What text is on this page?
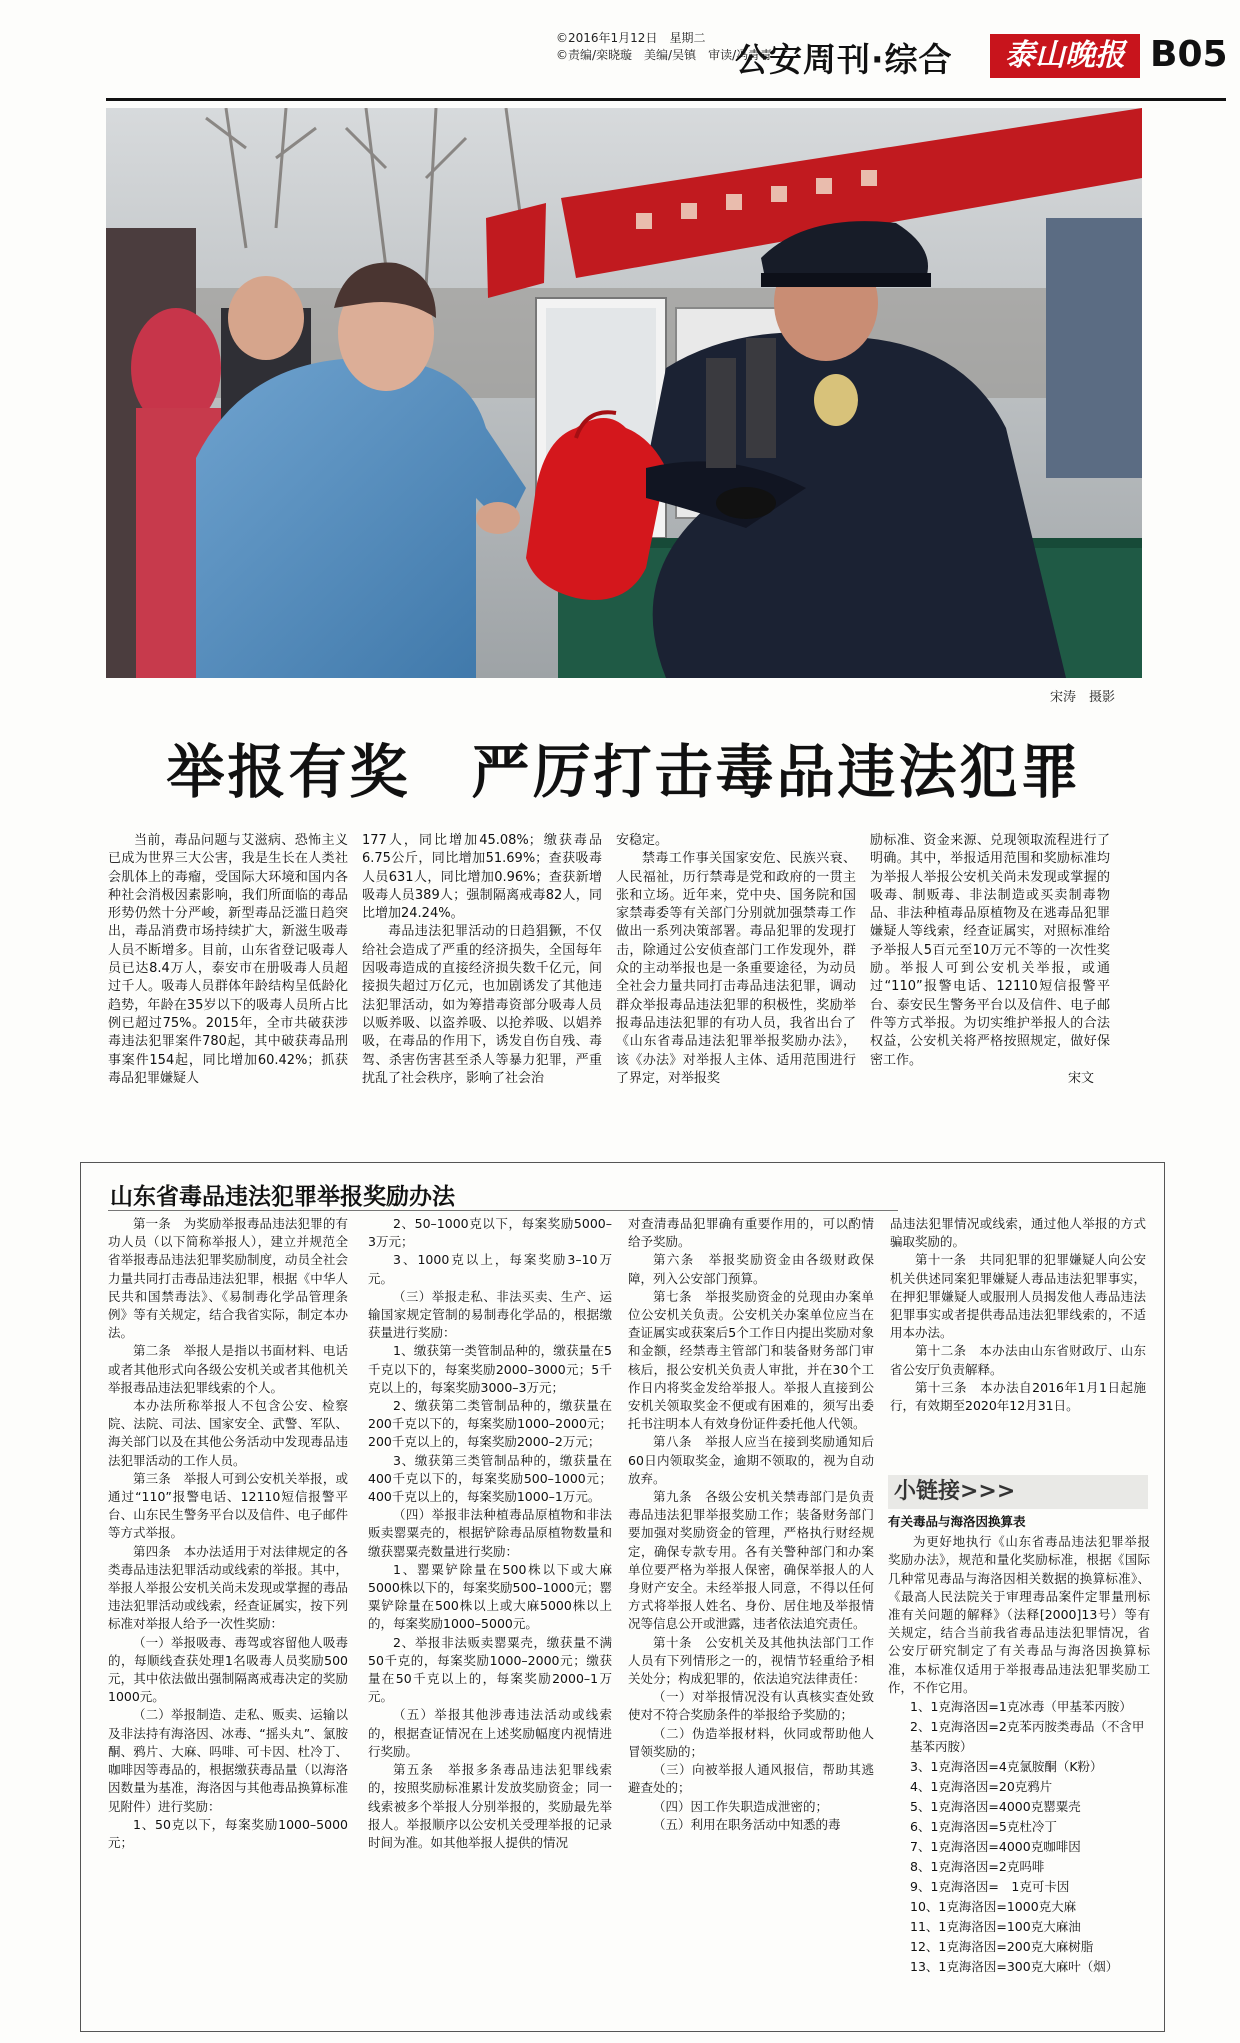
©2016年1月12日　星期二
©责编/栾晓璇　美编/吴镇　审读/冯青青
公安周刊·综合	泰山晚报 B05
宋涛　摄影
举报有奖　严厉打击毒品违法犯罪

当前，毒品问题与艾滋病、恐怖主义已成为世界三大公害，我是生长在人类社会肌体上的毒瘤，受国际大环境和国内各种社会消极因素影响，我们所面临的毒品形势仍然十分严峻，新型毒品泛滥日趋突出，毒品消费市场持续扩大，新滋生吸毒人员不断增多。目前，山东省登记吸毒人员已达8.4万人，泰安市在册吸毒人员超过千人。吸毒人员群体年龄结构呈低龄化趋势，年龄在35岁以下的吸毒人员所占比例已超过75%。2015年，全市共破获涉毒违法犯罪案件780起，其中破获毒品刑事案件154起，同比增加60.42%；抓获毒品犯罪嫌疑人

177人，同比增加45.08%；缴获毒品6.75公斤，同比增加51.69%；查获吸毒人员631人，同比增加0.96%；查获新增吸毒人员389人；强制隔离戒毒82人，同比增加24.24%。

毒品违法犯罪活动的日趋猖獗，不仅给社会造成了严重的经济损失，全国每年因吸毒造成的直接经济损失数千亿元，间接损失超过万亿元，也加剧诱发了其他违法犯罪活动，如为筹措毒资部分吸毒人员以贩养吸、以盗养吸、以抢养吸、以娼养吸，在毒品的作用下，诱发自伤自残、毒驾、杀害伤害甚至杀人等暴力犯罪，严重扰乱了社会秩序，影响了社会治

安稳定。

禁毒工作事关国家安危、民族兴衰、人民福祉，历行禁毒是党和政府的一贯主张和立场。近年来，党中央、国务院和国家禁毒委等有关部门分别就加强禁毒工作做出一系列决策部署。毒品犯罪的发现打击，除通过公安侦查部门工作发现外，群众的主动举报也是一条重要途径，为动员全社会力量共同打击毒品违法犯罪，调动群众举报毒品违法犯罪的积极性，奖励举报毒品违法犯罪的有功人员，我省出台了《山东省毒品违法犯罪举报奖励办法》，该《办法》对举报人主体、适用范围进行了界定，对举报奖

励标准、资金来源、兑现领取流程进行了明确。其中，举报适用范围和奖励标准均为举报人举报公安机关尚未发现或掌握的吸毒、制贩毒、非法制造或买卖制毒物品、非法种植毒品原植物及在逃毒品犯罪嫌疑人等线索，经查证属实，对照标准给予举报人5百元至10万元不等的一次性奖励。举报人可到公安机关举报，或通过“110”报警电话、12110短信报警平台、泰安民生警务平台以及信件、电子邮件等方式举报。为切实维护举报人的合法权益，公安机关将严格按照规定，做好保密工作。

宋文

山东省毒品违法犯罪举报奖励办法

第一条　为奖励举报毒品违法犯罪的有功人员（以下简称举报人），建立并规范全省举报毒品违法犯罪奖励制度，动员全社会力量共同打击毒品违法犯罪，根据《中华人民共和国禁毒法》、《易制毒化学品管理条例》等有关规定，结合我省实际，制定本办法。

第二条　举报人是指以书面材料、电话或者其他形式向各级公安机关或者其他机关举报毒品违法犯罪线索的个人。

本办法所称举报人不包含公安、检察院、法院、司法、国家安全、武警、军队、海关部门以及在其他公务活动中发现毒品违法犯罪活动的工作人员。

第三条　举报人可到公安机关举报，或通过“110”报警电话、12110短信报警平台、山东民生警务平台以及信件、电子邮件等方式举报。

第四条　本办法适用于对法律规定的各类毒品违法犯罪活动或线索的举报。其中，举报人举报公安机关尚未发现或掌握的毒品违法犯罪活动或线索，经查证属实，按下列标准对举报人给予一次性奖励：

（一）举报吸毒、毒驾或容留他人吸毒的，每顺线查获处理1名吸毒人员奖励500元，其中依法做出强制隔离戒毒决定的奖励1000元。

（二）举报制造、走私、贩卖、运输以及非法持有海洛因、冰毒、“摇头丸”、氯胺酮、鸦片、大麻、吗啡、可卡因、杜冷丁、咖啡因等毒品的，根据缴获毒品量（以海洛因数量为基准，海洛因与其他毒品换算标准见附件）进行奖励：

1、50克以下，每案奖励1000–5000元；

2、50–1000克以下，每案奖励5000–3万元；

3、1000克以上，每案奖励3–10万元。

（三）举报走私、非法买卖、生产、运输国家规定管制的易制毒化学品的，根据缴获量进行奖励：

1、缴获第一类管制品种的，缴获量在5千克以下的，每案奖励2000–3000元；5千克以上的，每案奖励3000–3万元；

2、缴获第二类管制品种的，缴获量在200千克以下的，每案奖励1000–2000元；200千克以上的，每案奖励2000–2万元；

3、缴获第三类管制品种的，缴获量在400千克以下的，每案奖励500–1000元；400千克以上的，每案奖励1000–1万元。

（四）举报非法种植毒品原植物和非法贩卖罂粟壳的，根据铲除毒品原植物数量和缴获罂粟壳数量进行奖励：

1、罂粟铲除量在500株以下或大麻5000株以下的，每案奖励500–1000元；罂粟铲除量在500株以上或大麻5000株以上的，每案奖励1000–5000元。

2、举报非法贩卖罂粟壳，缴获量不满50千克的，每案奖励1000–2000元；缴获量在50千克以上的，每案奖励2000–1万元。

（五）举报其他涉毒违法活动或线索的，根据查证情况在上述奖励幅度内视情进行奖励。

第五条　举报多条毒品违法犯罪线索的，按照奖励标准累计发放奖励资金；同一线索被多个举报人分别举报的，奖励最先举报人。举报顺序以公安机关受理举报的记录时间为准。如其他举报人提供的情况

对查清毒品犯罪确有重要作用的，可以酌情给予奖励。

第六条　举报奖励资金由各级财政保障，列入公安部门预算。

第七条　举报奖励资金的兑现由办案单位公安机关负责。公安机关办案单位应当在查证属实或获案后5个工作日内提出奖励对象和金额，经禁毒主管部门和装备财务部门审核后，报公安机关负责人审批，并在30个工作日内将奖金发给举报人。举报人直接到公安机关领取奖金不便或有困难的，须写出委托书注明本人有效身份证件委托他人代领。

第八条　举报人应当在接到奖励通知后60日内领取奖金，逾期不领取的，视为自动放弃。

第九条　各级公安机关禁毒部门是负责毒品违法犯罪举报奖励工作；装备财务部门要加强对奖励资金的管理，严格执行财经规定，确保专款专用。各有关警种部门和办案单位要严格为举报人保密，确保举报人的人身财产安全。未经举报人同意，不得以任何方式将举报人姓名、身份、居住地及举报情况等信息公开或泄露，违者依法追究责任。

第十条　公安机关及其他执法部门工作人员有下列情形之一的，视情节轻重给予相关处分；构成犯罪的，依法追究法律责任：

（一）对举报情况没有认真核实查处致使对不符合奖励条件的举报给予奖励的；

（二）伪造举报材料，伙同或帮助他人冒领奖励的；

（三）向被举报人通风报信，帮助其逃避查处的；

（四）因工作失职造成泄密的；

（五）利用在职务活动中知悉的毒

品违法犯罪情况或线索，通过他人举报的方式骗取奖励的。

第十一条　共同犯罪的犯罪嫌疑人向公安机关供述同案犯罪嫌疑人毒品违法犯罪事实，在押犯罪嫌疑人或服刑人员揭发他人毒品违法犯罪事实或者提供毒品违法犯罪线索的，不适用本办法。

第十二条　本办法由山东省财政厅、山东省公安厅负责解释。

第十三条　本办法自2016年1月1日起施行，有效期至2020年12月31日。

小链接>>>

有关毒品与海洛因换算表

为更好地执行《山东省毒品违法犯罪举报奖励办法》，规范和量化奖励标准，根据《国际几种常见毒品与海洛因相关数据的换算标准》、《最高人民法院关于审理毒品案件定罪量刑标准有关问题的解释》（法释[2000]13号）等有关规定，结合当前我省毒品违法犯罪情况，省公安厅研究制定了有关毒品与海洛因换算标准，本标准仅适用于举报毒品违法犯罪奖励工作，不作它用。

1、1克海洛因=1克冰毒（甲基苯丙胺）
2、1克海洛因=2克苯丙胺类毒品（不含甲基苯丙胺）
3、1克海洛因=4克氯胺酮（K粉）
4、1克海洛因=20克鸦片
5、1克海洛因=4000克罂粟壳
6、1克海洛因=5克杜冷丁
7、1克海洛因=4000克咖啡因
8、1克海洛因=2克吗啡
9、1克海洛因=　1克可卡因
10、1克海洛因=1000克大麻
11、1克海洛因=100克大麻油
12、1克海洛因=200克大麻树脂
13、1克海洛因=300克大麻叶（烟）
